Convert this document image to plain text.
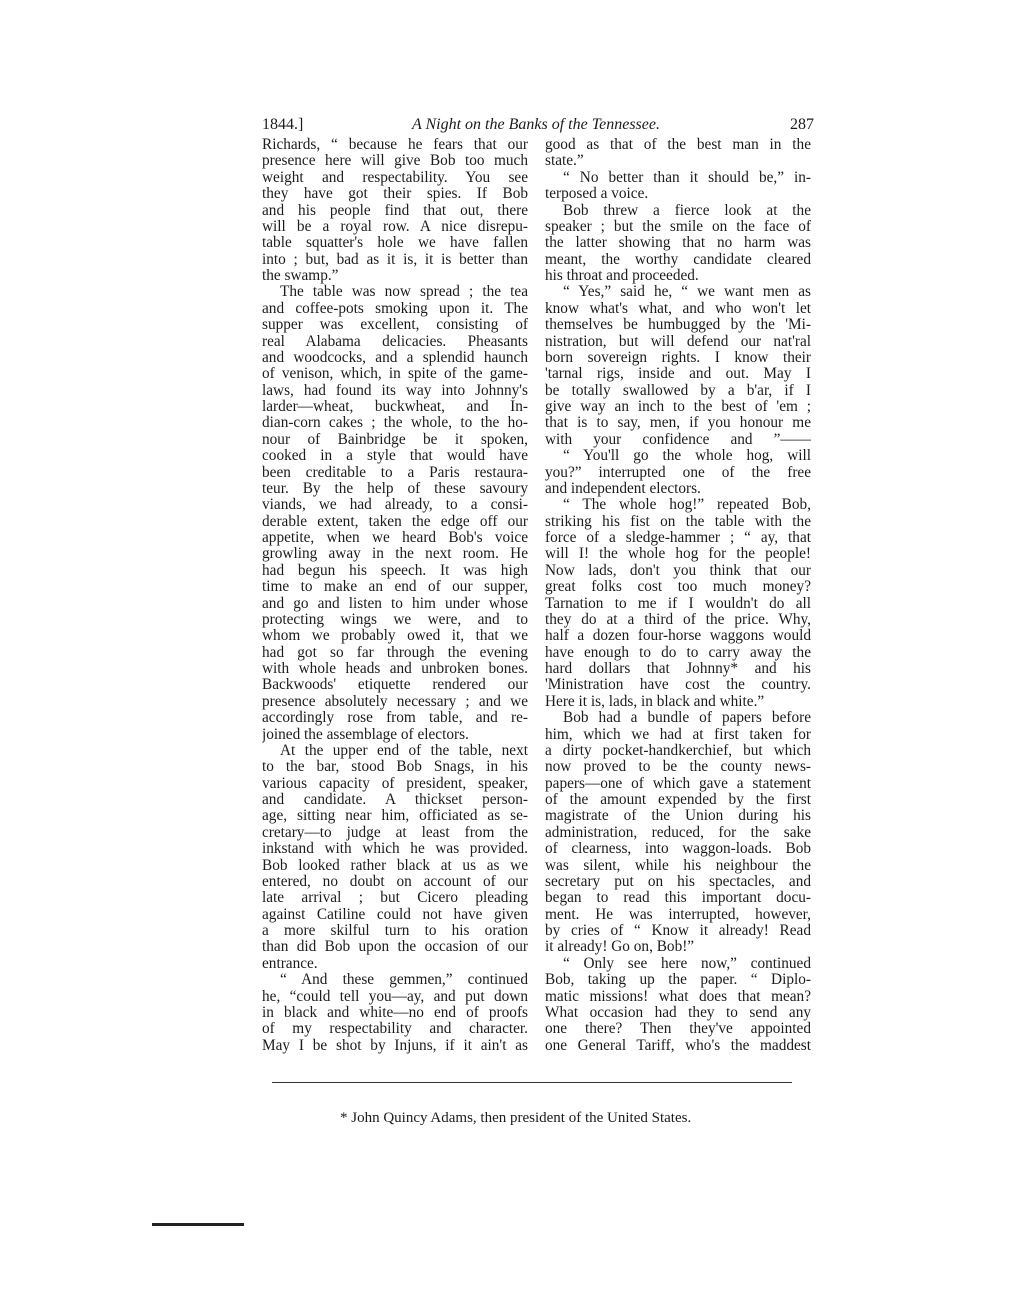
1844.]	A Night on the Banks of the Tennessee.	287
Richards, “ because he fears that our
presence here will give Bob too much
weight and respectability. You see
they have got their spies. If Bob
and his people find that out, there
will be a royal row. A nice disrepu-
table squatter's hole we have fallen
into ; but, bad as it is, it is better than
the swamp.”
The table was now spread ; the tea
and coffee-pots smoking upon it. The
supper was excellent, consisting of
real Alabama delicacies. Pheasants
and woodcocks, and a splendid haunch
of venison, which, in spite of the game-
laws, had found its way into Johnny's
larder—wheat, buckwheat, and In-
dian-corn cakes ; the whole, to the ho-
nour of Bainbridge be it spoken,
cooked in a style that would have
been creditable to a Paris restaura-
teur. By the help of these savoury
viands, we had already, to a consi-
derable extent, taken the edge off our
appetite, when we heard Bob's voice
growling away in the next room. He
had begun his speech. It was high
time to make an end of our supper,
and go and listen to him under whose
protecting wings we were, and to
whom we probably owed it, that we
had got so far through the evening
with whole heads and unbroken bones.
Backwoods' etiquette rendered our
presence absolutely necessary ; and we
accordingly rose from table, and re-
joined the assemblage of electors.
At the upper end of the table, next
to the bar, stood Bob Snags, in his
various capacity of president, speaker,
and candidate. A thickset person-
age, sitting near him, officiated as se-
cretary—to judge at least from the
inkstand with which he was provided.
Bob looked rather black at us as we
entered, no doubt on account of our
late arrival ; but Cicero pleading
against Catiline could not have given
a more skilful turn to his oration
than did Bob upon the occasion of our
entrance.
“ And these gemmen,” continued
he, “could tell you—ay, and put down
in black and white—no end of proofs
of my respectability and character.
May I be shot by Injuns, if it ain't as
good as that of the best man in the
state.”
“ No better than it should be,” in-
terposed a voice.
Bob threw a fierce look at the
speaker ; but the smile on the face of
the latter showing that no harm was
meant, the worthy candidate cleared
his throat and proceeded.
“ Yes,” said he, “ we want men as
know what's what, and who won't let
themselves be humbugged by the 'Mi-
nistration, but will defend our nat'ral
born sovereign rights. I know their
'tarnal rigs, inside and out. May I
be totally swallowed by a b'ar, if I
give way an inch to the best of 'em ;
that is to say, men, if you honour me
with your confidence and ”——
“ You'll go the whole hog, will
you?” interrupted one of the free
and independent electors.
“ The whole hog!” repeated Bob,
striking his fist on the table with the
force of a sledge-hammer ; “ ay, that
will I! the whole hog for the people!
Now lads, don't you think that our
great folks cost too much money?
Tarnation to me if I wouldn't do all
they do at a third of the price. Why,
half a dozen four-horse waggons would
have enough to do to carry away the
hard dollars that Johnny* and his
'Ministration have cost the country.
Here it is, lads, in black and white.”
Bob had a bundle of papers before
him, which we had at first taken for
a dirty pocket-handkerchief, but which
now proved to be the county news-
papers—one of which gave a statement
of the amount expended by the first
magistrate of the Union during his
administration, reduced, for the sake
of clearness, into waggon-loads. Bob
was silent, while his neighbour the
secretary put on his spectacles, and
began to read this important docu-
ment. He was interrupted, however,
by cries of “ Know it already! Read
it already! Go on, Bob!”
“ Only see here now,” continued
Bob, taking up the paper. “ Diplo-
matic missions! what does that mean?
What occasion had they to send any
one there? Then they've appointed
one General Tariff, who's the maddest
* John Quincy Adams, then president of the United States.
